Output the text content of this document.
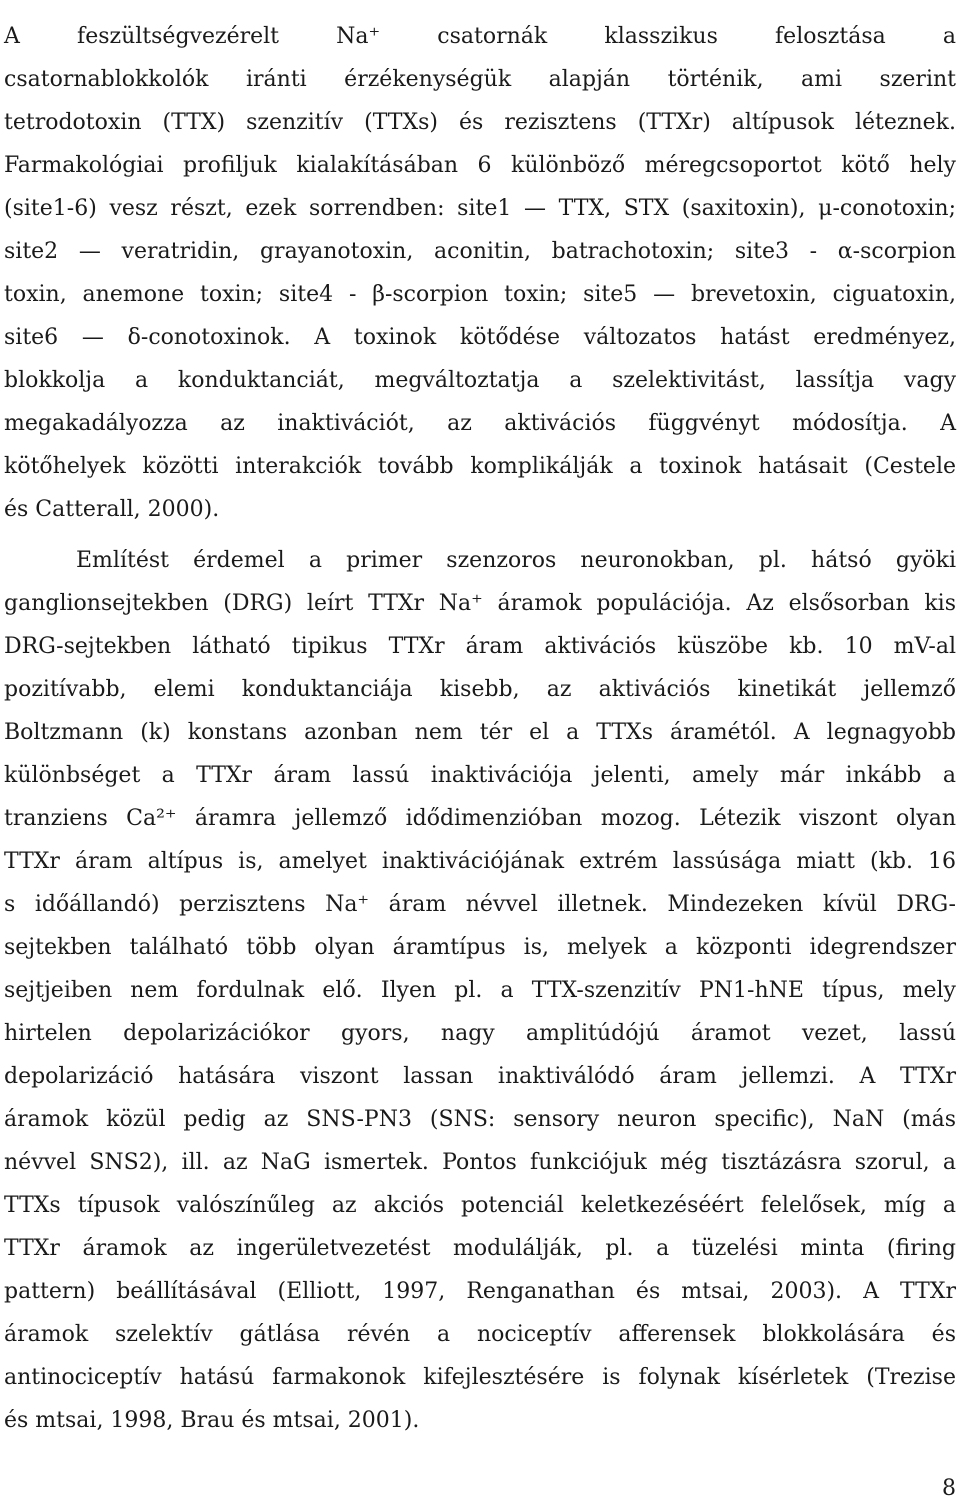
A feszültségvezérelt Na⁺ csatornák klasszikus felosztása a

csatornablokkolók iránti érzékenységük alapján történik, ami szerint

tetrodotoxin (TTX) szenzitív (TTXs) és rezisztens (TTXr) altípusok léteznek.

Farmakológiai profiljuk kialakításában 6 különböző méregcsoportot kötő hely

(site1-6) vesz részt, ezek sorrendben: site1 — TTX, STX (saxitoxin), μ-conotoxin;

site2 — veratridin, grayanotoxin, aconitin, batrachotoxin; site3 - α-scorpion

toxin, anemone toxin; site4 - β-scorpion toxin; site5 — brevetoxin, ciguatoxin,

site6 — δ-conotoxinok. A toxinok kötődése változatos hatást eredményez,

blokkolja a konduktanciát, megváltoztatja a szelektivitást, lassítja vagy

megakadályozza az inaktivációt, az aktivációs függvényt módosítja. A

kötőhelyek közötti interakciók tovább komplikálják a toxinok hatásait (Cestele

és Catterall, 2000).

Említést érdemel a primer szenzoros neuronokban, pl. hátsó gyöki

ganglionsejtekben (DRG) leírt TTXr Na⁺ áramok populációja. Az elsősorban kis

DRG-sejtekben látható tipikus TTXr áram aktivációs küszöbe kb. 10 mV-al

pozitívabb, elemi konduktanciája kisebb, az aktivációs kinetikát jellemző

Boltzmann (k) konstans azonban nem tér el a TTXs áramétól. A legnagyobb

különbséget a TTXr áram lassú inaktivációja jelenti, amely már inkább a

tranziens Ca²⁺ áramra jellemző idődimenzióban mozog. Létezik viszont olyan

TTXr áram altípus is, amelyet inaktivációjának extrém lassúsága miatt (kb. 16

s időállandó) perzisztens Na⁺ áram névvel illetnek. Mindezeken kívül DRG-

sejtekben található több olyan áramtípus is, melyek a központi idegrendszer

sejtjeiben nem fordulnak elő. Ilyen pl. a TTX-szenzitív PN1-hNE típus, mely

hirtelen depolarizációkor gyors, nagy amplitúdójú áramot vezet, lassú

depolarizáció hatására viszont lassan inaktiválódó áram jellemzi. A TTXr

áramok közül pedig az SNS-PN3 (SNS: sensory neuron specific), NaN (más

névvel SNS2), ill. az NaG ismertek. Pontos funkciójuk még tisztázásra szorul, a

TTXs típusok valószínűleg az akciós potenciál keletkezéséért felelősek, míg a

TTXr áramok az ingerületvezetést modulálják, pl. a tüzelési minta (firing

pattern) beállításával (Elliott, 1997, Renganathan és mtsai, 2003). A TTXr

áramok szelektív gátlása révén a nociceptív afferensek blokkolására és

antinociceptív hatású farmakonok kifejlesztésére is folynak kísérletek (Trezise

és mtsai, 1998, Brau és mtsai, 2001).

8
